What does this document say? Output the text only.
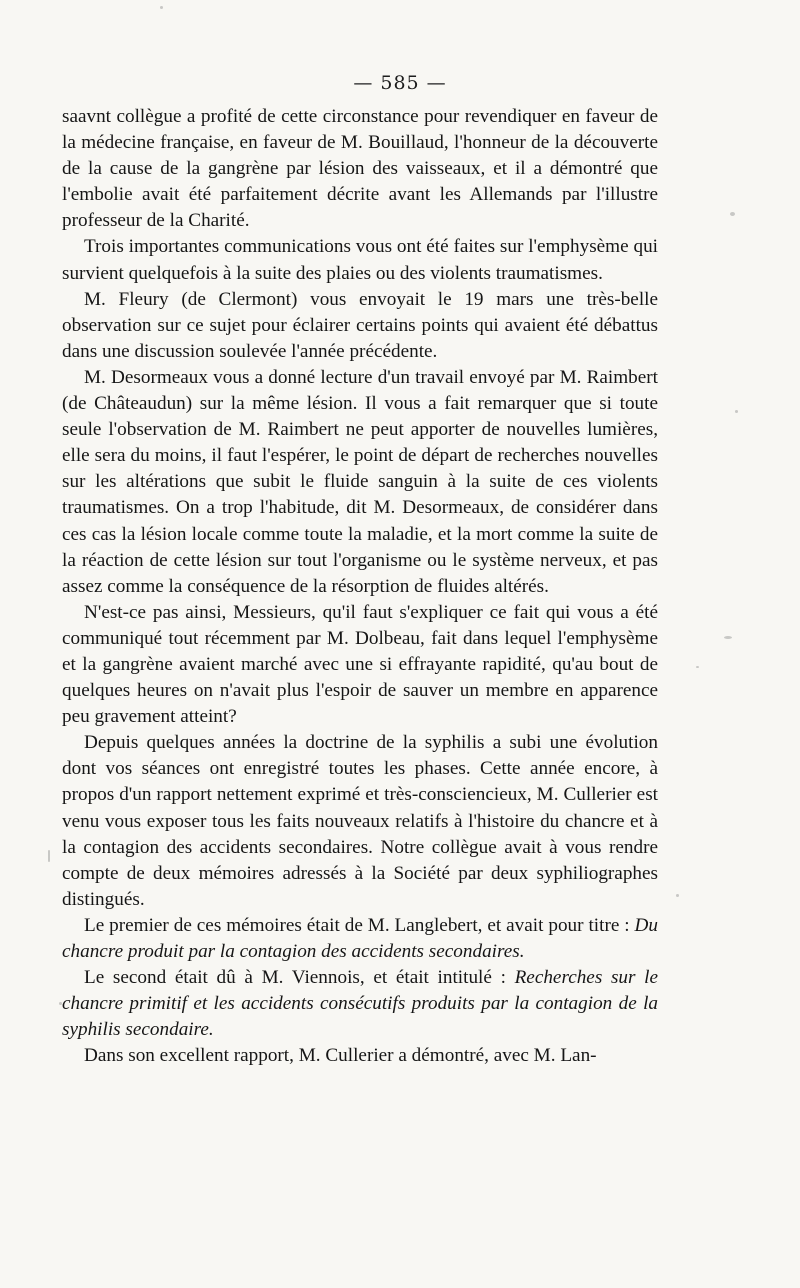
— 585 —

saavnt collègue a profité de cette circonstance pour revendiquer en faveur de la médecine française, en faveur de M. Bouillaud, l'honneur de la découverte de la cause de la gangrène par lésion des vaisseaux, et il a démontré que l'embolie avait été parfaitement décrite avant les Allemands par l'illustre professeur de la Charité.

Trois importantes communications vous ont été faites sur l'emphysème qui survient quelquefois à la suite des plaies ou des violents traumatismes.

M. Fleury (de Clermont) vous envoyait le 19 mars une très-belle observation sur ce sujet pour éclairer certains points qui avaient été débattus dans une discussion soulevée l'année précédente.

M. Desormeaux vous a donné lecture d'un travail envoyé par M. Raimbert (de Châteaudun) sur la même lésion. Il vous a fait remarquer que si toute seule l'observation de M. Raimbert ne peut apporter de nouvelles lumières, elle sera du moins, il faut l'espérer, le point de départ de recherches nouvelles sur les altérations que subit le fluide sanguin à la suite de ces violents traumatismes. On a trop l'habitude, dit M. Desormeaux, de considérer dans ces cas la lésion locale comme toute la maladie, et la mort comme la suite de la réaction de cette lésion sur tout l'organisme ou le système nerveux, et pas assez comme la conséquence de la résorption de fluides altérés.

N'est-ce pas ainsi, Messieurs, qu'il faut s'expliquer ce fait qui vous a été communiqué tout récemment par M. Dolbeau, fait dans lequel l'emphysème et la gangrène avaient marché avec une si effrayante rapidité, qu'au bout de quelques heures on n'avait plus l'espoir de sauver un membre en apparence peu gravement atteint?

Depuis quelques années la doctrine de la syphilis a subi une évolution dont vos séances ont enregistré toutes les phases. Cette année encore, à propos d'un rapport nettement exprimé et très-consciencieux, M. Cullerier est venu vous exposer tous les faits nouveaux relatifs à l'histoire du chancre et à la contagion des accidents secondaires. Notre collègue avait à vous rendre compte de deux mémoires adressés à la Société par deux syphiliographes distingués.

Le premier de ces mémoires était de M. Langlebert, et avait pour titre : Du chancre produit par la contagion des accidents secondaires.

Le second était dû à M. Viennois, et était intitulé : Recherches sur le chancre primitif et les accidents consécutifs produits par la contagion de la syphilis secondaire.

Dans son excellent rapport, M. Cullerier a démontré, avec M. Lan-
